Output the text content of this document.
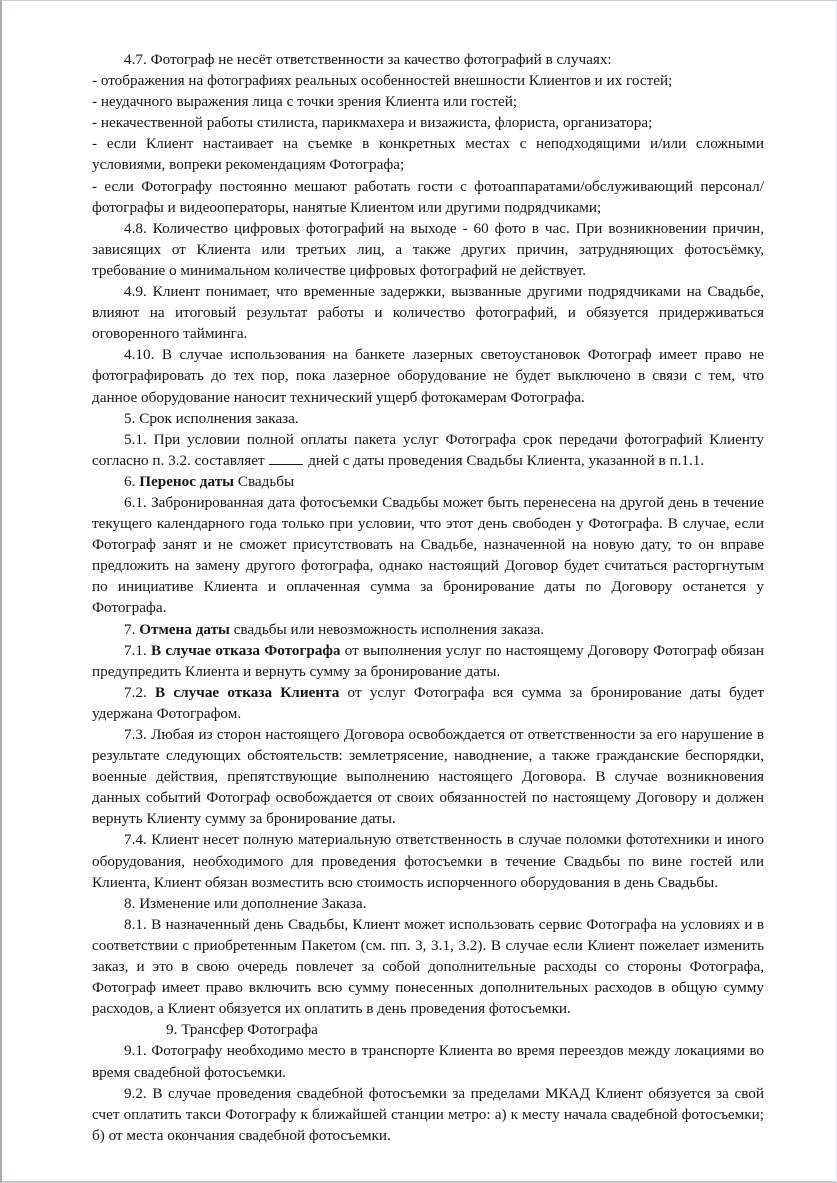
4.7. Фотограф не несёт ответственности за качество фотографий в случаях:

- отображения на фотографиях реальных особенностей внешности Клиентов и их гостей;

- неудачного выражения лица с точки зрения Клиента или гостей;

- некачественной работы стилиста, парикмахера и визажиста, флориста, организатора;

- если Клиент настаивает на съемке в конкретных местах с неподходящими и/или сложными условиями, вопреки рекомендациям Фотографа;

- если Фотографу постоянно мешают работать гости с фотоаппаратами/обслуживающий персонал/фотографы и видеооператоры, нанятые Клиентом или другими подрядчиками;

4.8. Количество цифровых фотографий на выходе - 60 фото в час. При возникновении причин, зависящих от Клиента или третьих лиц, а также других причин, затрудняющих фотосъёмку, требование о минимальном количестве цифровых фотографий не действует.

4.9. Клиент понимает, что временные задержки, вызванные другими подрядчиками на Свадьбе, влияют на итоговый результат работы и количество фотографий, и обязуется придерживаться оговоренного тайминга.

4.10. В случае использования на банкете лазерных светоустановок Фотограф имеет право не фотографировать до тех пор, пока лазерное оборудование не будет выключено в связи с тем, что данное оборудование наносит технический ущерб фотокамерам Фотографа.

5. Срок исполнения заказа.

5.1. При условии полной оплаты пакета услуг Фотографа срок передачи фотографий Клиенту согласно п. 3.2. составляет  дней с даты проведения Свадьбы Клиента, указанной в п.1.1.

6. Перенос даты Свадьбы

6.1. Забронированная дата фотосъемки Свадьбы может быть перенесена на другой день в течение текущего календарного года только при условии, что этот день свободен у Фотографа. В случае, если Фотограф занят и не сможет присутствовать на Свадьбе, назначенной на новую дату, то он вправе предложить на замену другого фотографа, однако настоящий Договор будет считаться расторгнутым по инициативе Клиента и оплаченная сумма за бронирование даты по Договору останется у Фотографа.

7. Отмена даты свадьбы или невозможность исполнения заказа.

7.1. В случае отказа Фотографа от выполнения услуг по настоящему Договору Фотограф обязан предупредить Клиента и вернуть сумму за бронирование даты.

7.2. В случае отказа Клиента от услуг Фотографа вся сумма за бронирование даты будет удержана Фотографом.

7.3. Любая из сторон настоящего Договора освобождается от ответственности за его нарушение в результате следующих обстоятельств: землетрясение, наводнение, а также гражданские беспорядки, военные действия, препятствующие выполнению настоящего Договора. В случае возникновения данных событий Фотограф освобождается от своих обязанностей по настоящему Договору и должен вернуть Клиенту сумму за бронирование даты.

7.4. Клиент несет полную материальную ответственность в случае поломки фототехники и иного оборудования, необходимого для проведения фотосъемки в течение Свадьбы по вине гостей или Клиента, Клиент обязан возместить всю стоимость испорченного оборудования в день Свадьбы.

8. Изменение или дополнение Заказа.

8.1. В назначенный день Свадьбы, Клиент может использовать сервис Фотографа на условиях и в соответствии с приобретенным Пакетом (см. пп. 3, 3.1, 3.2). В случае если Клиент пожелает изменить заказ, и это в свою очередь повлечет за собой дополнительные расходы со стороны Фотографа, Фотограф имеет право включить всю сумму понесенных дополнительных расходов в общую сумму расходов, а Клиент обязуется их оплатить в день проведения фотосъемки.

9. Трансфер Фотографа

9.1. Фотографу необходимо место в транспорте Клиента во время переездов между локациями во время свадебной фотосъемки.

9.2. В случае проведения свадебной фотосъемки за пределами МКАД Клиент обязуется за свой счет оплатить такси Фотографу к ближайшей станции метро: а) к месту начала свадебной фотосъемки; б) от места окончания свадебной фотосъемки.
